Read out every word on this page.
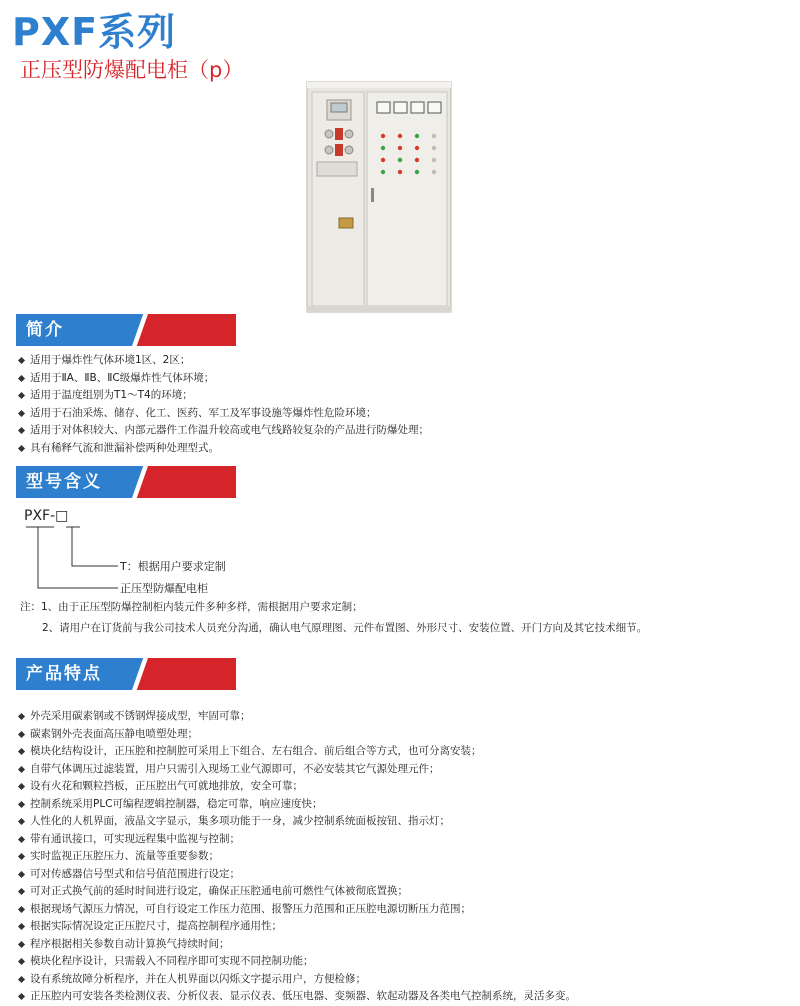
PXF系列
正压型防爆配电柜（p）
简介
适用于爆炸性气体环境1区、2区；
适用于ⅡA、ⅡB、ⅡC级爆炸性气体环境；
适用于温度组别为T1～T4的环境；
适用于石油采炼、储存、化工、医药、军工及军事设施等爆炸性危险环境；
适用于对体积较大、内部元器件工作温升较高或电气线路较复杂的产品进行防爆处理；
具有稀释气流和泄漏补偿两种处理型式。
型号含义
PXF-□
T：根据用户要求定制
正压型防爆配电柜
注：1、由于正压型防爆控制柜内装元件多种多样，需根据用户要求定制；
2、请用户在订货前与我公司技术人员充分沟通，确认电气原理图、元件布置图、外形尺寸、安装位置、开门方向及其它技术细节。
产品特点
外壳采用碳素钢或不锈钢焊接成型，牢固可靠；
碳素钢外壳表面高压静电喷塑处理；
模块化结构设计，正压腔和控制腔可采用上下组合、左右组合、前后组合等方式，也可分离安装；
自带气体调压过滤装置，用户只需引入现场工业气源即可，不必安装其它气源处理元件；
设有火花和颗粒挡板，正压腔出气可就地排放，安全可靠；
控制系统采用PLC可编程逻辑控制器，稳定可靠，响应速度快；
人性化的人机界面，液晶文字显示，集多项功能于一身，减少控制系统面板按钮、指示灯；
带有通讯接口，可实现远程集中监视与控制；
实时监视正压腔压力、流量等重要参数；
可对传感器信号型式和信号值范围进行设定；
可对正式换气前的延时时间进行设定，确保正压腔通电前可燃性气体被彻底置换；
根据现场气源压力情况，可自行设定工作压力范围、报警压力范围和正压腔电源切断压力范围；
根据实际情况设定正压腔尺寸，提高控制程序通用性；
程序根据相关参数自动计算换气持续时间；
模块化程序设计，只需载入不同程序即可实现不同控制功能；
设有系统故障分析程序，并在人机界面以闪烁文字提示用户，方便检修；
正压腔内可安装各类检测仪表、分析仪表、显示仪表、低压电器、变频器、软起动器及各类电气控制系统，灵活多变。
